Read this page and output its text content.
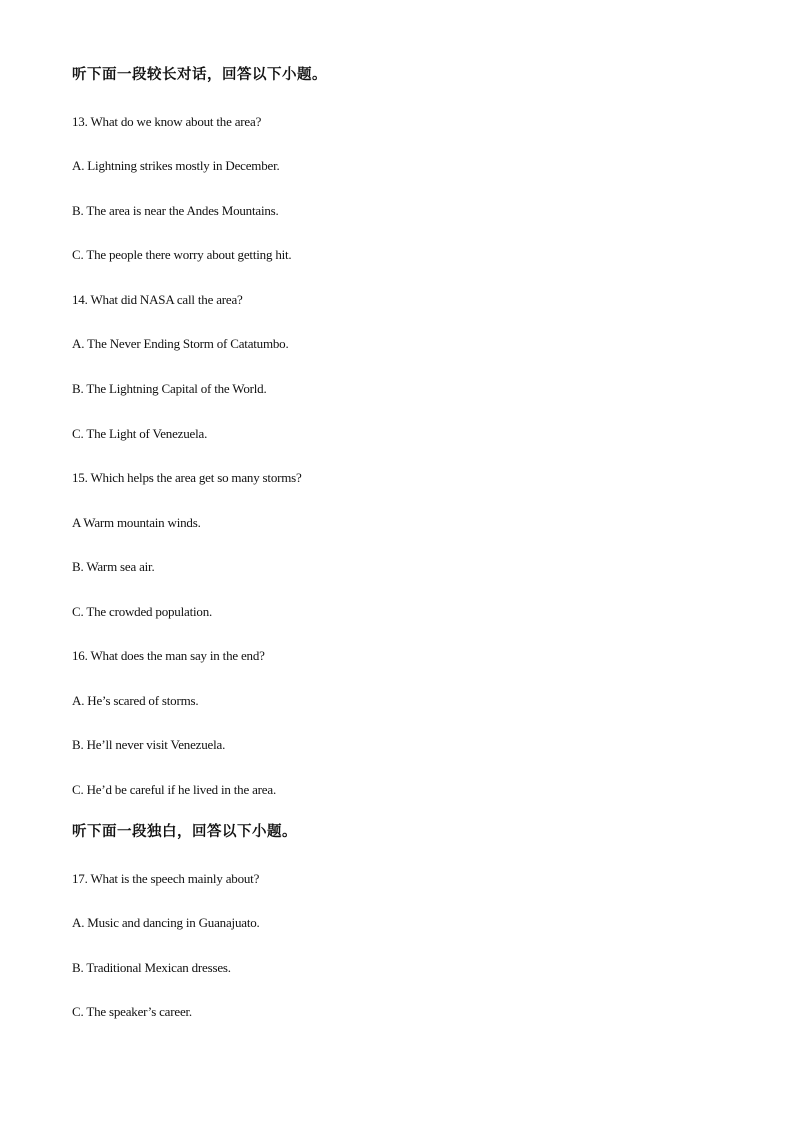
听下面一段较长对话，回答以下小题。
13. What do we know about the area?
A. Lightning strikes mostly in December.
B. The area is near the Andes Mountains.
C. The people there worry about getting hit.
14. What did NASA call the area?
A. The Never Ending Storm of Catatumbo.
B. The Lightning Capital of the World.
C. The Light of Venezuela.
15. Which helps the area get so many storms?
A Warm mountain winds.
B. Warm sea air.
C. The crowded population.
16. What does the man say in the end?
A. He’s scared of storms.
B. He’ll never visit Venezuela.
C. He’d be careful if he lived in the area.
听下面一段独白，回答以下小题。
17. What is the speech mainly about?
A. Music and dancing in Guanajuato.
B. Traditional Mexican dresses.
C. The speaker’s career.
